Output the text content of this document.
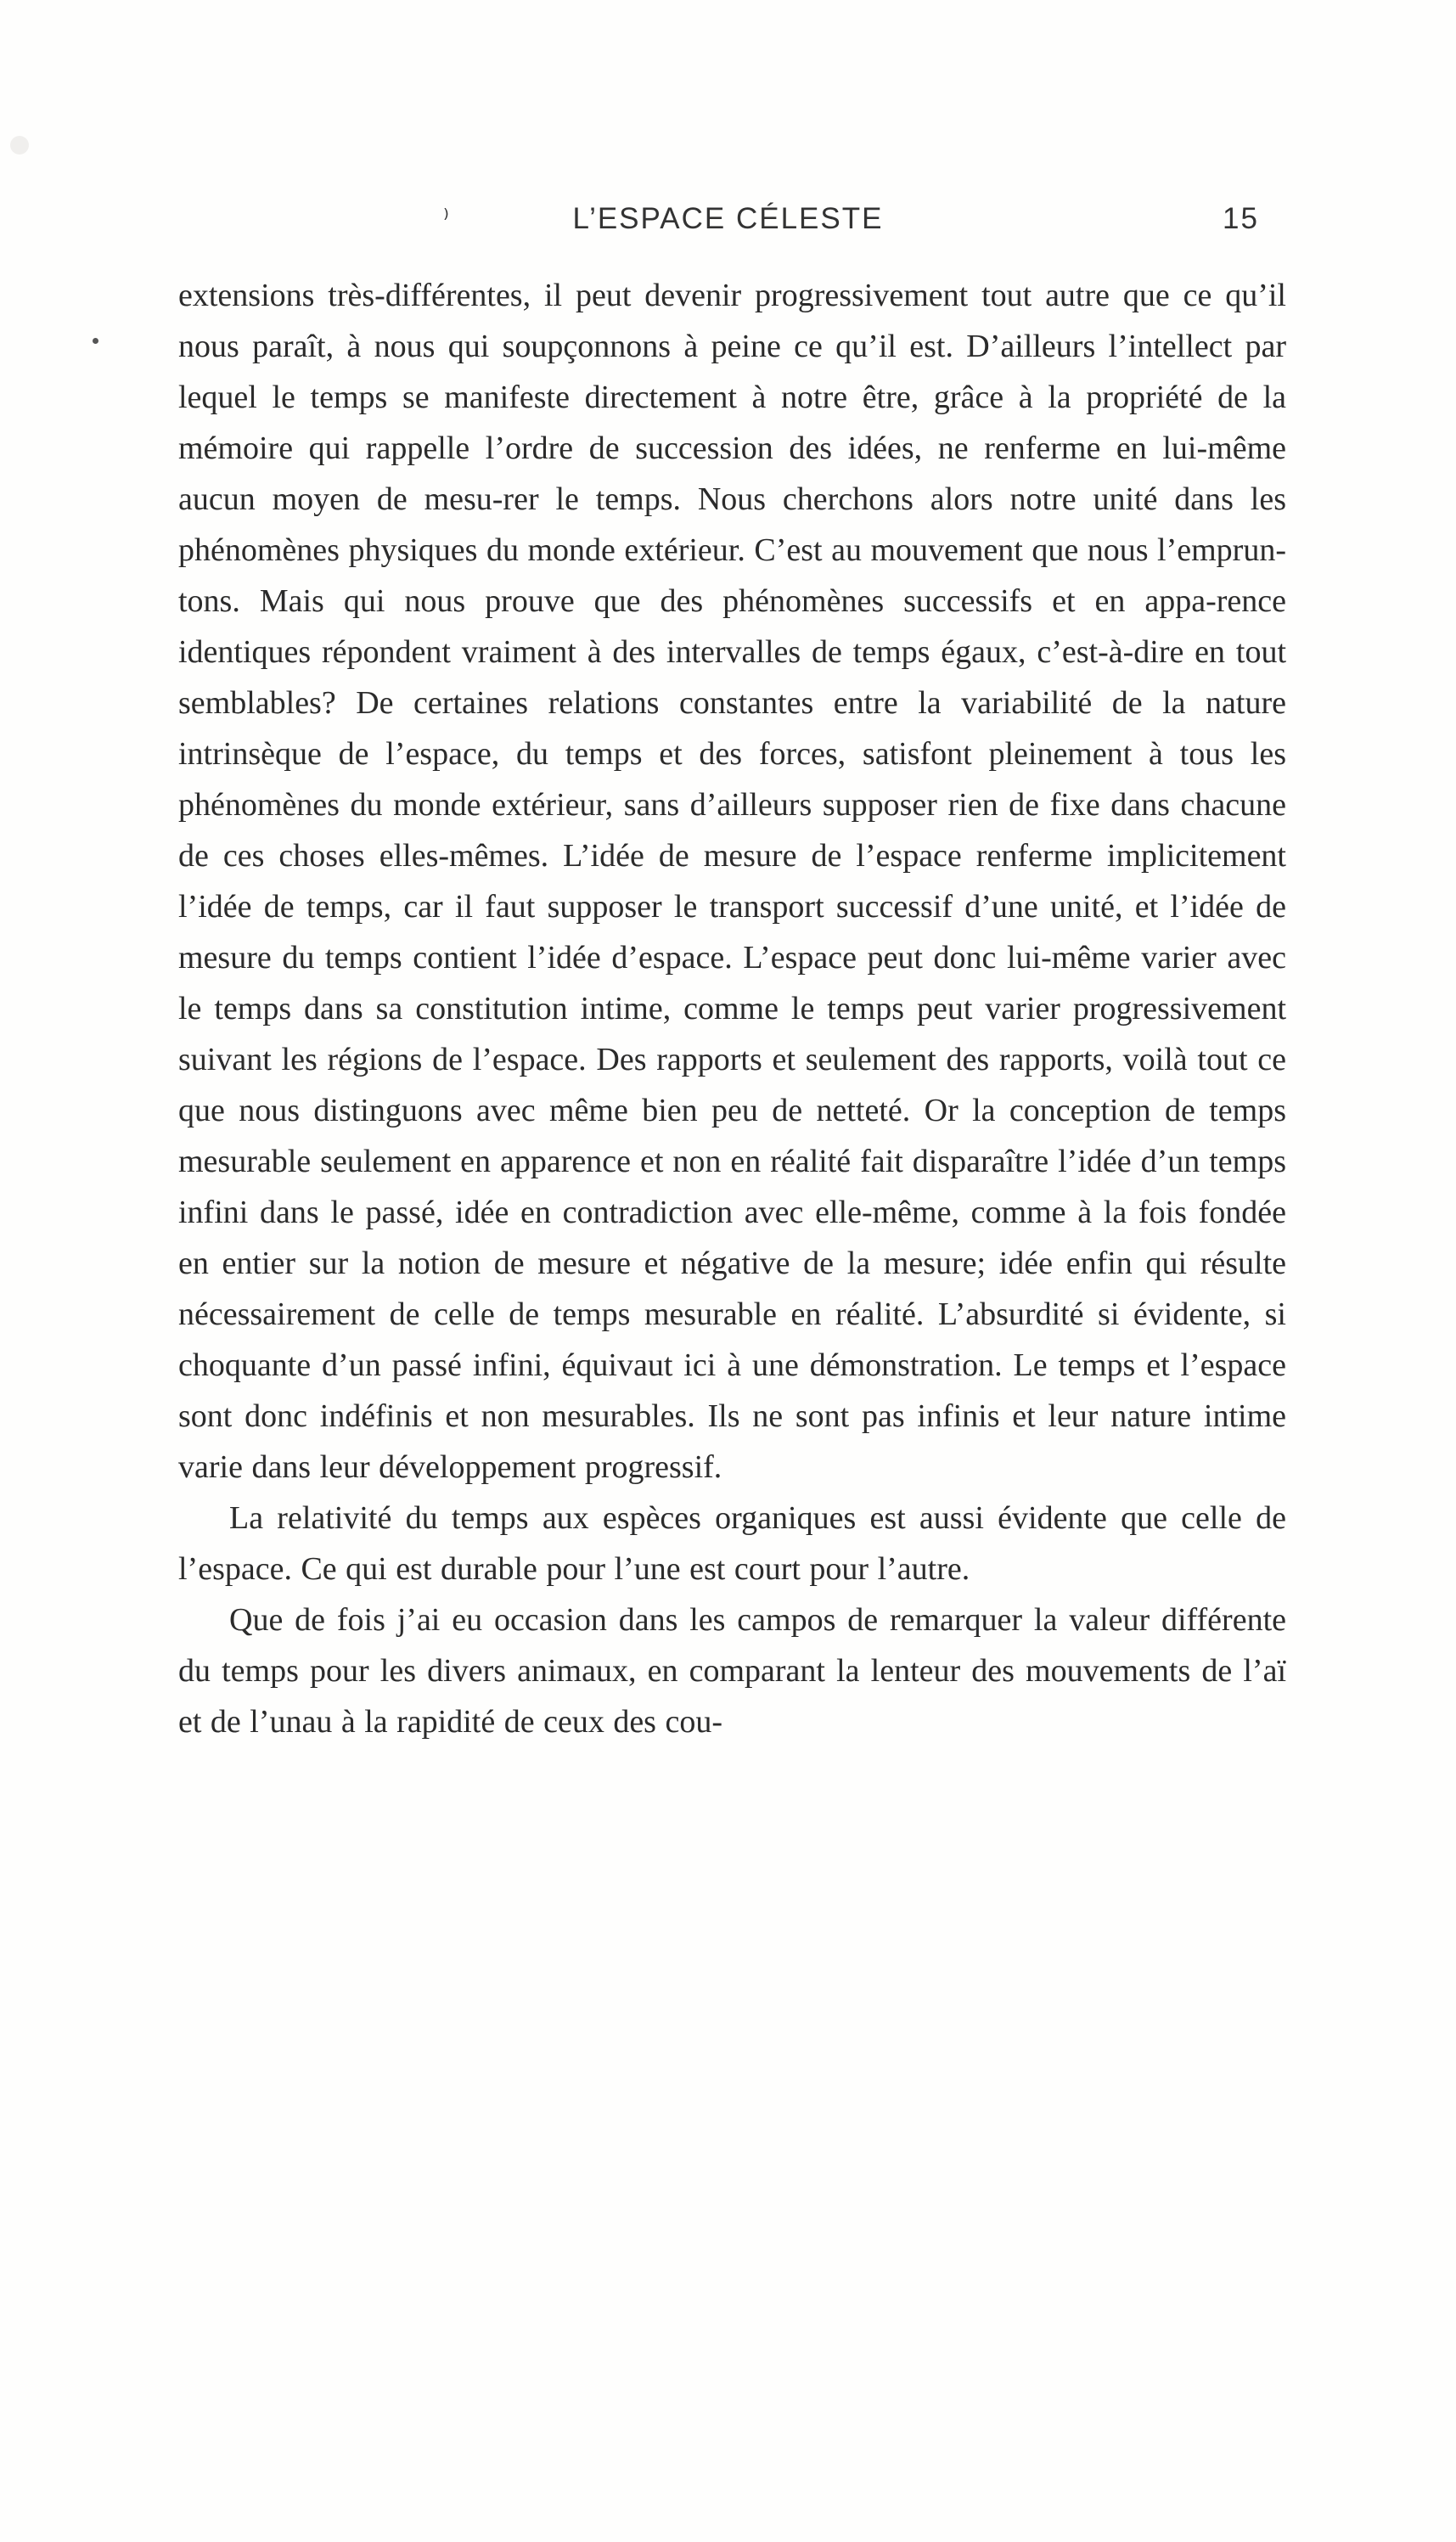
⁾	L’ESPACE CÉLESTE	15

extensions très-différentes, il peut devenir progressivement tout autre que ce qu’il nous paraît, à nous qui soupçonnons à peine ce qu’il est. D’ailleurs l’intellect par lequel le temps se manifeste directement à notre être, grâce à la propriété de la mémoire qui rappelle l’ordre de succession des idées, ne renferme en lui-même aucun moyen de mesu-rer le temps. Nous cherchons alors notre unité dans les phénomènes physiques du monde extérieur. C’est au mouvement que nous l’emprun-tons. Mais qui nous prouve que des phénomènes successifs et en appa-rence identiques répondent vraiment à des intervalles de temps égaux, c’est-à-dire en tout semblables? De certaines relations constantes entre la variabilité de la nature intrinsèque de l’espace, du temps et des forces, satisfont pleinement à tous les phénomènes du monde extérieur, sans d’ailleurs supposer rien de fixe dans chacune de ces choses elles-mêmes. L’idée de mesure de l’espace renferme implicitement l’idée de temps, car il faut supposer le transport successif d’une unité, et l’idée de mesure du temps contient l’idée d’espace. L’espace peut donc lui-même varier avec le temps dans sa constitution intime, comme le temps peut varier progressivement suivant les régions de l’espace. Des rapports et seulement des rapports, voilà tout ce que nous distinguons avec même bien peu de netteté. Or la conception de temps mesurable seulement en apparence et non en réalité fait disparaître l’idée d’un temps infini dans le passé, idée en contradiction avec elle-même, comme à la fois fondée en entier sur la notion de mesure et négative de la mesure; idée enfin qui résulte nécessairement de celle de temps mesurable en réalité. L’absurdité si évidente, si choquante d’un passé infini, équivaut ici à une démonstration. Le temps et l’espace sont donc indéfinis et non mesurables. Ils ne sont pas infinis et leur nature intime varie dans leur développement progressif.

La relativité du temps aux espèces organiques est aussi évidente que celle de l’espace. Ce qui est durable pour l’une est court pour l’autre.

Que de fois j’ai eu occasion dans les campos de remarquer la valeur différente du temps pour les divers animaux, en comparant la lenteur des mouvements de l’aï et de l’unau à la rapidité de ceux des cou-
